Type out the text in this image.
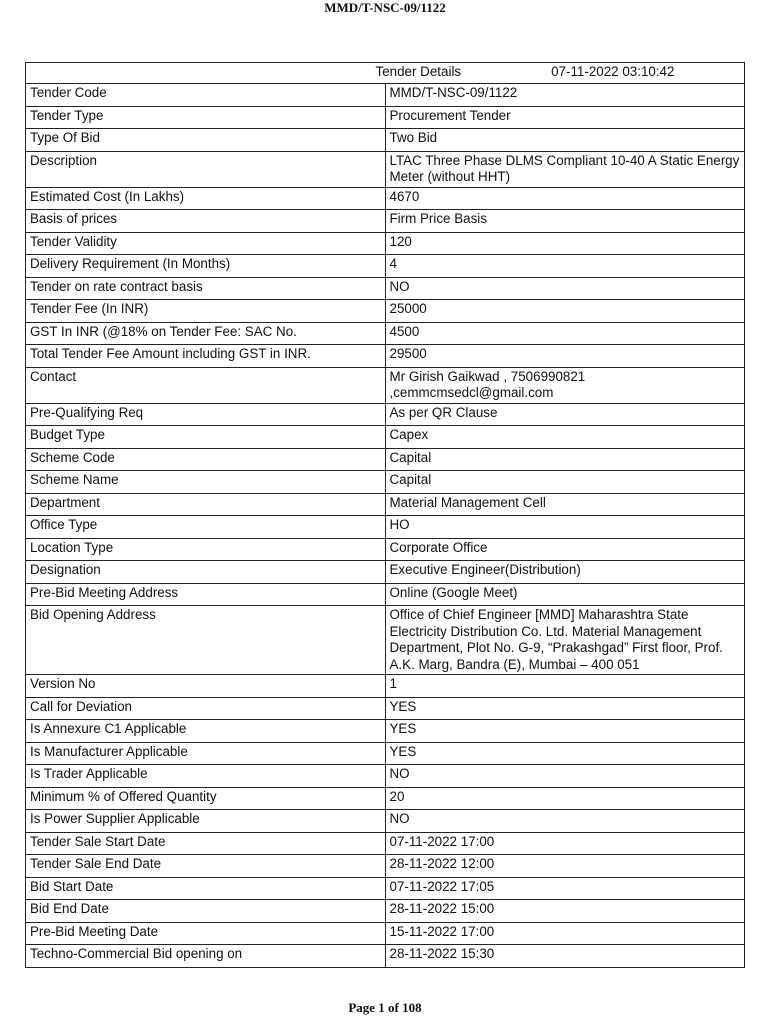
MMD/T-NSC-09/1122
Tender Details 07-11-2022 03:10:42	
Tender Code	MMD/T-NSC-09/1122
Tender Type	Procurement Tender
Type Of Bid	Two Bid
Description	LTAC Three Phase DLMS Compliant 10-40 A Static Energy Meter (without HHT)
Estimated Cost (In Lakhs)	4670
Basis of prices	Firm Price Basis
Tender Validity	120
Delivery Requirement (In Months)	4
Tender on rate contract basis	NO
Tender Fee (In INR)	25000
GST In INR (@18% on Tender Fee: SAC No.	4500
Total Tender Fee Amount including GST in INR.	29500
Contact	Mr Girish Gaikwad , 7506990821 ,cemmcmsedcl@gmail.com
Pre-Qualifying Req	As per QR Clause
Budget Type	Capex
Scheme Code	Capital
Scheme Name	Capital
Department	Material Management Cell
Office Type	HO
Location Type	Corporate Office
Designation	Executive Engineer(Distribution)
Pre-Bid Meeting Address	Online (Google Meet)
Bid Opening Address	Office of Chief Engineer [MMD] Maharashtra State Electricity Distribution Co. Ltd. Material Management Department, Plot No. G-9, “Prakashgad” First floor, Prof. A.K. Marg, Bandra (E), Mumbai – 400 051
Version No	1
Call for Deviation	YES
Is Annexure C1 Applicable	YES
Is Manufacturer Applicable	YES
Is Trader Applicable	NO
Minimum % of Offered Quantity	20
Is Power Supplier Applicable	NO
Tender Sale Start Date	07-11-2022 17:00
Tender Sale End Date	28-11-2022 12:00
Bid Start Date	07-11-2022 17:05
Bid End Date	28-11-2022 15:00
Pre-Bid Meeting Date	15-11-2022 17:00
Techno-Commercial Bid opening on	28-11-2022 15:30
Page 1 of 108
